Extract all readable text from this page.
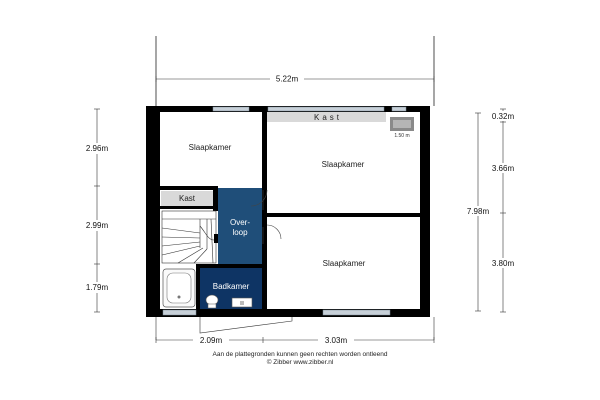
5.22m
Slaapkamer
Slaapkamer
Slaapkamer
Kast
Kast
1.50 m
Over-
loop
Badkamer
2.96m
2.99m
1.79m
0.32m
3.66m
7.98m
3.80m
2.09m	3.03m
Aan de plattegronden kunnen geen rechten worden ontleend
© Zibber www.zibber.nl
